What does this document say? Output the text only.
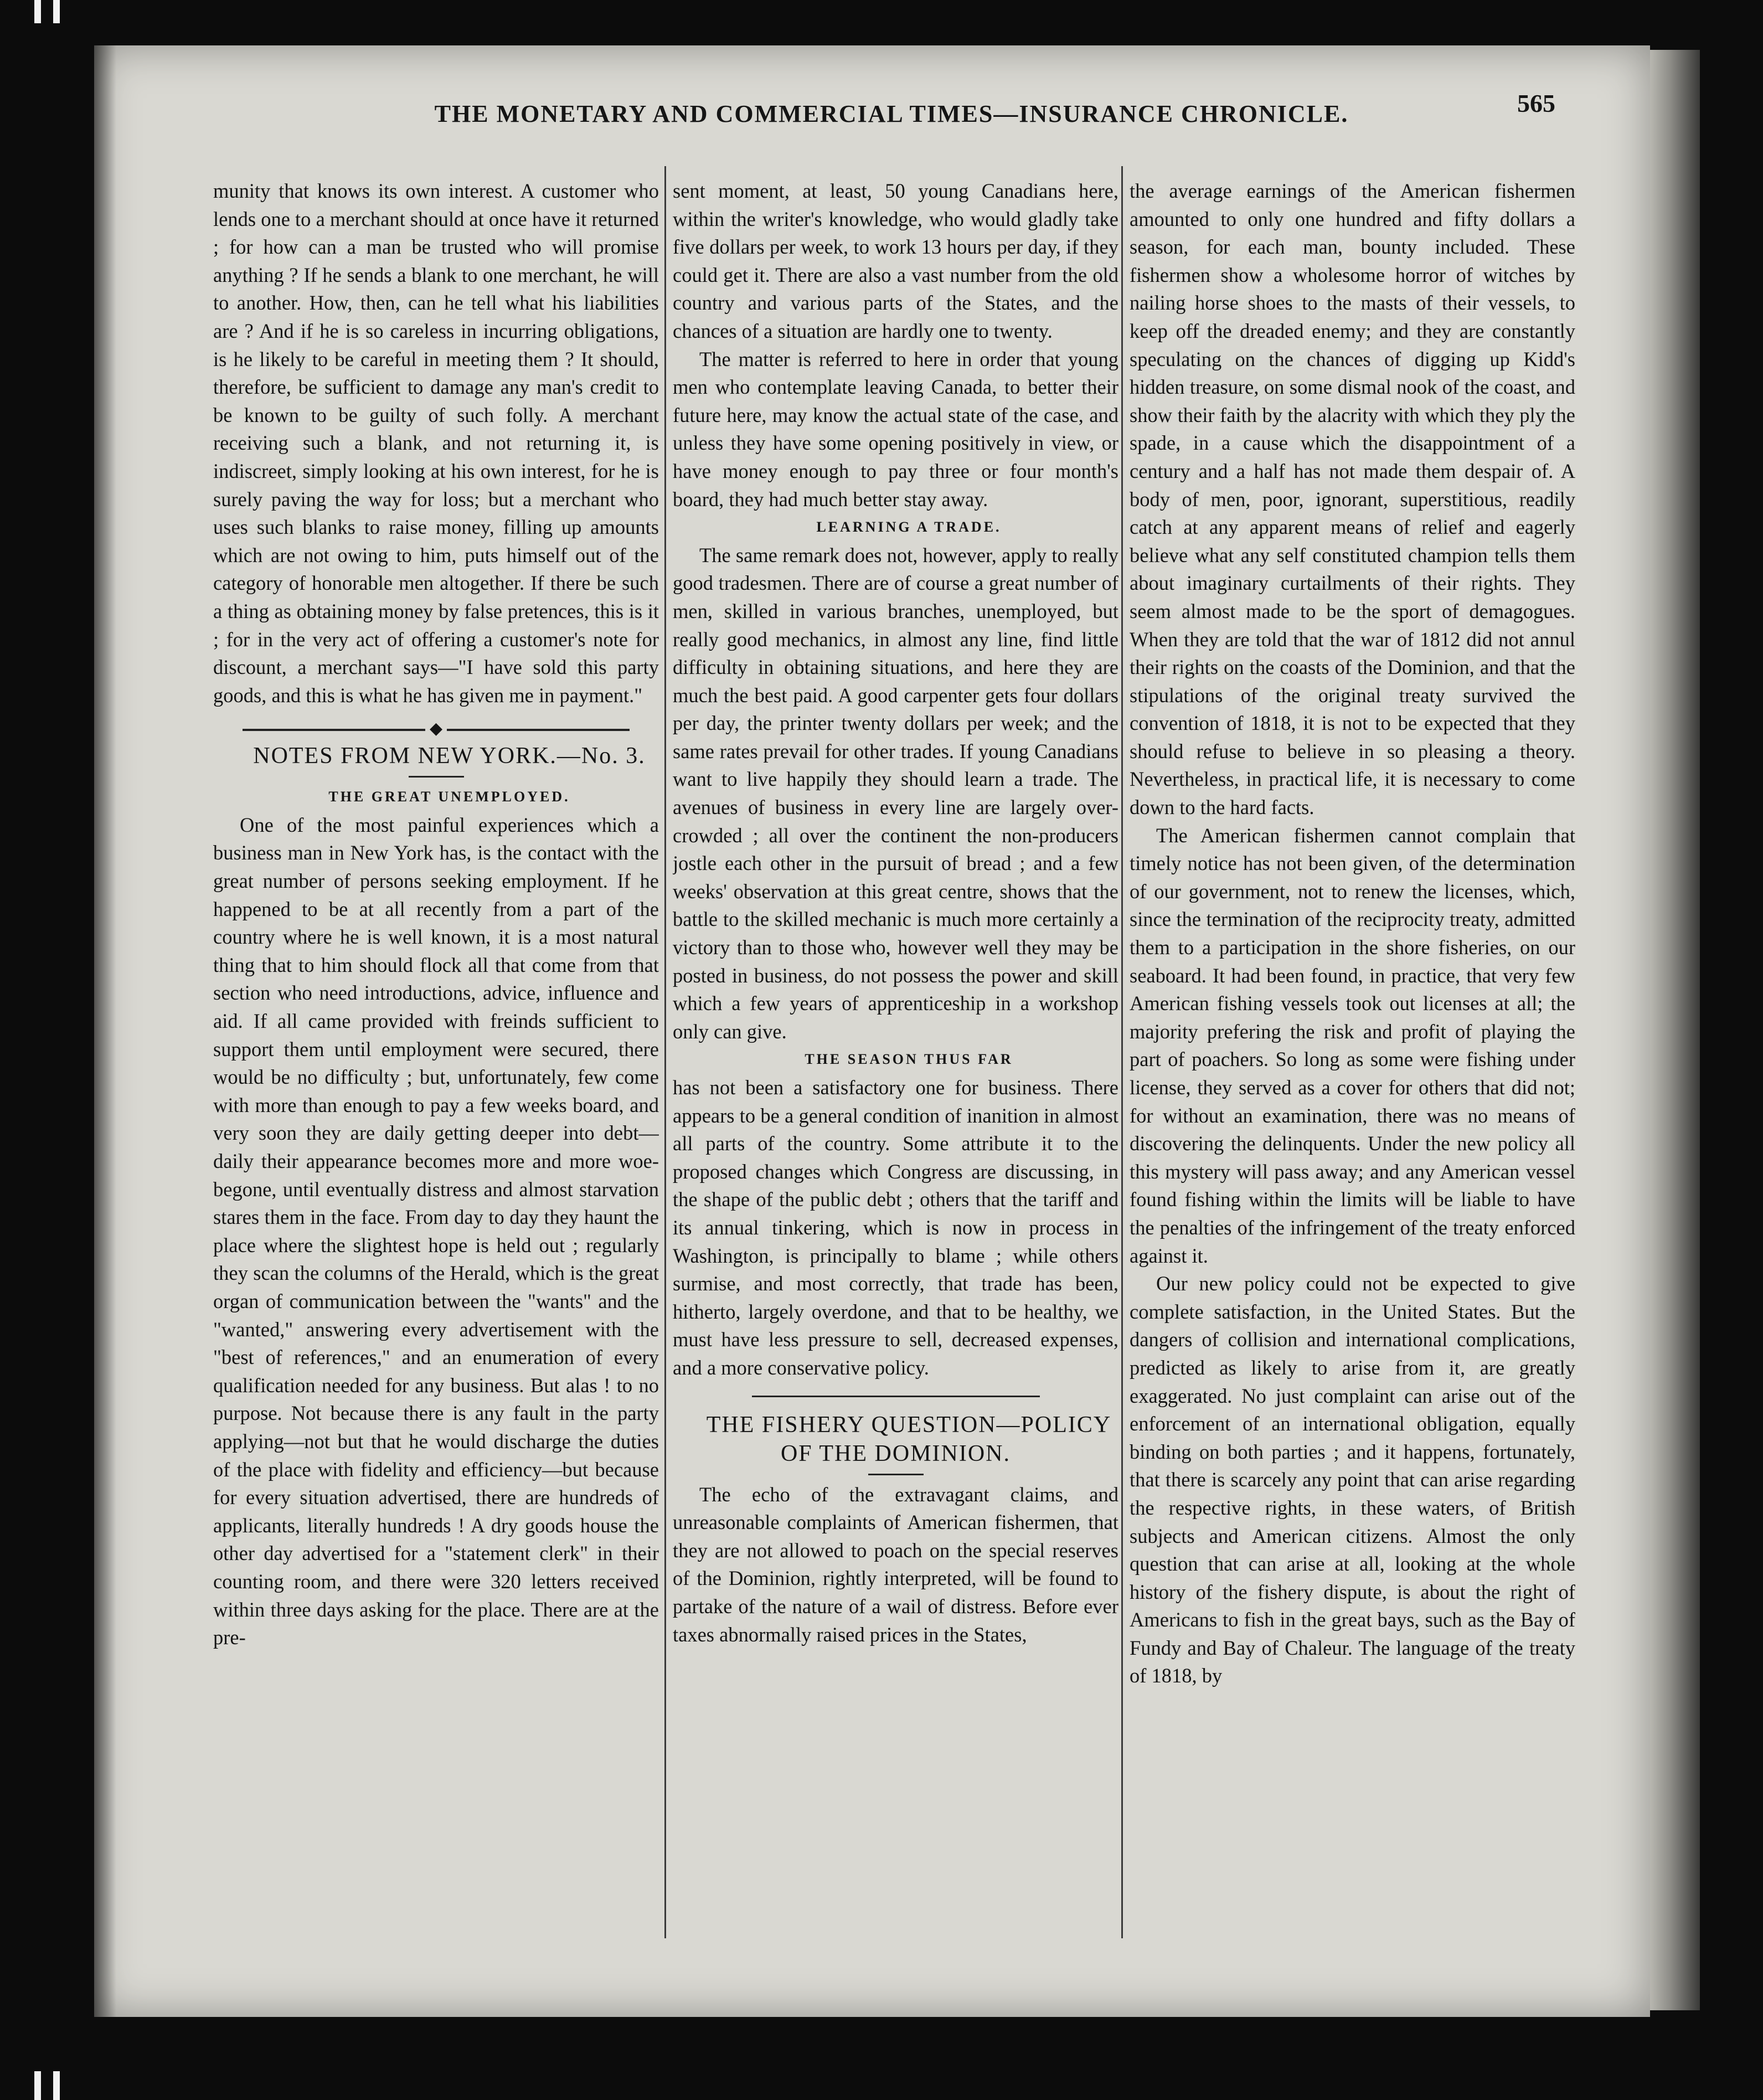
THE MONETARY AND COMMERCIAL TIMES—INSURANCE CHRONICLE.	565

munity that knows its own interest. A customer who lends one to a merchant should at once have it returned ; for how can a man be trusted who will promise anything ? If he sends a blank to one merchant, he will to another. How, then, can he tell what his liabilities are ? And if he is so careless in incurring obligations, is he likely to be careful in meeting them ? It should, therefore, be sufficient to damage any man's credit to be known to be guilty of such folly. A merchant receiving such a blank, and not returning it, is indiscreet, simply looking at his own interest, for he is surely paving the way for loss; but a merchant who uses such blanks to raise money, filling up amounts which are not owing to him, puts himself out of the category of honorable men altogether. If there be such a thing as obtaining money by false pretences, this is it ; for in the very act of offering a customer's note for discount, a merchant says—"I have sold this party goods, and this is what he has given me in payment."

◆

NOTES FROM NEW YORK.—No. 3.

THE GREAT UNEMPLOYED.

One of the most painful experiences which a business man in New York has, is the contact with the great number of persons seeking employment. If he happened to be at all recently from a part of the country where he is well known, it is a most natural thing that to him should flock all that come from that section who need introductions, advice, influence and aid. If all came provided with freinds sufficient to support them until employment were secured, there would be no difficulty ; but, unfortunately, few come with more than enough to pay a few weeks board, and very soon they are daily getting deeper into debt—daily their appearance becomes more and more woe-begone, until eventually distress and almost starvation stares them in the face. From day to day they haunt the place where the slightest hope is held out ; regularly they scan the columns of the Herald, which is the great organ of communication between the "wants" and the "wanted," answering every advertisement with the "best of references," and an enumeration of every qualification needed for any business. But alas ! to no purpose. Not because there is any fault in the party applying—not but that he would discharge the duties of the place with fidelity and efficiency—but because for every situation advertised, there are hundreds of applicants, literally hundreds ! A dry goods house the other day advertised for a "statement clerk" in their counting room, and there were 320 letters received within three days asking for the place. There are at the pre-

sent moment, at least, 50 young Canadians here, within the writer's knowledge, who would gladly take five dollars per week, to work 13 hours per day, if they could get it. There are also a vast number from the old country and various parts of the States, and the chances of a situation are hardly one to twenty.

The matter is referred to here in order that young men who contemplate leaving Canada, to better their future here, may know the actual state of the case, and unless they have some opening positively in view, or have money enough to pay three or four month's board, they had much better stay away.

LEARNING A TRADE.

The same remark does not, however, apply to really good tradesmen. There are of course a great number of men, skilled in various branches, unemployed, but really good mechanics, in almost any line, find little difficulty in obtaining situations, and here they are much the best paid. A good carpenter gets four dollars per day, the printer twenty dollars per week; and the same rates prevail for other trades. If young Canadians want to live happily they should learn a trade. The avenues of business in every line are largely over-crowded ; all over the continent the non-producers jostle each other in the pursuit of bread ; and a few weeks' observation at this great centre, shows that the battle to the skilled mechanic is much more certainly a victory than to those who, however well they may be posted in business, do not possess the power and skill which a few years of apprenticeship in a workshop only can give.

THE SEASON THUS FAR

has not been a satisfactory one for business. There appears to be a general condition of inanition in almost all parts of the country. Some attribute it to the proposed changes which Congress are discussing, in the shape of the public debt ; others that the tariff and its annual tinkering, which is now in process in Washington, is principally to blame ; while others surmise, and most correctly, that trade has been, hitherto, largely overdone, and that to be healthy, we must have less pressure to sell, decreased expenses, and a more conservative policy.

THE FISHERY QUESTION—POLICY OF THE DOMINION.

The echo of the extravagant claims, and unreasonable complaints of American fishermen, that they are not allowed to poach on the special reserves of the Dominion, rightly interpreted, will be found to partake of the nature of a wail of distress. Before ever taxes abnormally raised prices in the States,

the average earnings of the American fishermen amounted to only one hundred and fifty dollars a season, for each man, bounty included. These fishermen show a wholesome horror of witches by nailing horse shoes to the masts of their vessels, to keep off the dreaded enemy; and they are constantly speculating on the chances of digging up Kidd's hidden treasure, on some dismal nook of the coast, and show their faith by the alacrity with which they ply the spade, in a cause which the disappointment of a century and a half has not made them despair of. A body of men, poor, ignorant, superstitious, readily catch at any apparent means of relief and eagerly believe what any self constituted champion tells them about imaginary curtailments of their rights. They seem almost made to be the sport of demagogues. When they are told that the war of 1812 did not annul their rights on the coasts of the Dominion, and that the stipulations of the original treaty survived the convention of 1818, it is not to be expected that they should refuse to believe in so pleasing a theory. Nevertheless, in practical life, it is necessary to come down to the hard facts.

The American fishermen cannot complain that timely notice has not been given, of the determination of our government, not to renew the licenses, which, since the termination of the reciprocity treaty, admitted them to a participation in the shore fisheries, on our seaboard. It had been found, in practice, that very few American fishing vessels took out licenses at all; the majority prefering the risk and profit of playing the part of poachers. So long as some were fishing under license, they served as a cover for others that did not; for without an examination, there was no means of discovering the delinquents. Under the new policy all this mystery will pass away; and any American vessel found fishing within the limits will be liable to have the penalties of the infringement of the treaty enforced against it.

Our new policy could not be expected to give complete satisfaction, in the United States. But the dangers of collision and international complications, predicted as likely to arise from it, are greatly exaggerated. No just complaint can arise out of the enforcement of an international obligation, equally binding on both parties ; and it happens, fortunately, that there is scarcely any point that can arise regarding the respective rights, in these waters, of British subjects and American citizens. Almost the only question that can arise at all, looking at the whole history of the fishery dispute, is about the right of Americans to fish in the great bays, such as the Bay of Fundy and Bay of Chaleur. The language of the treaty of 1818, by
